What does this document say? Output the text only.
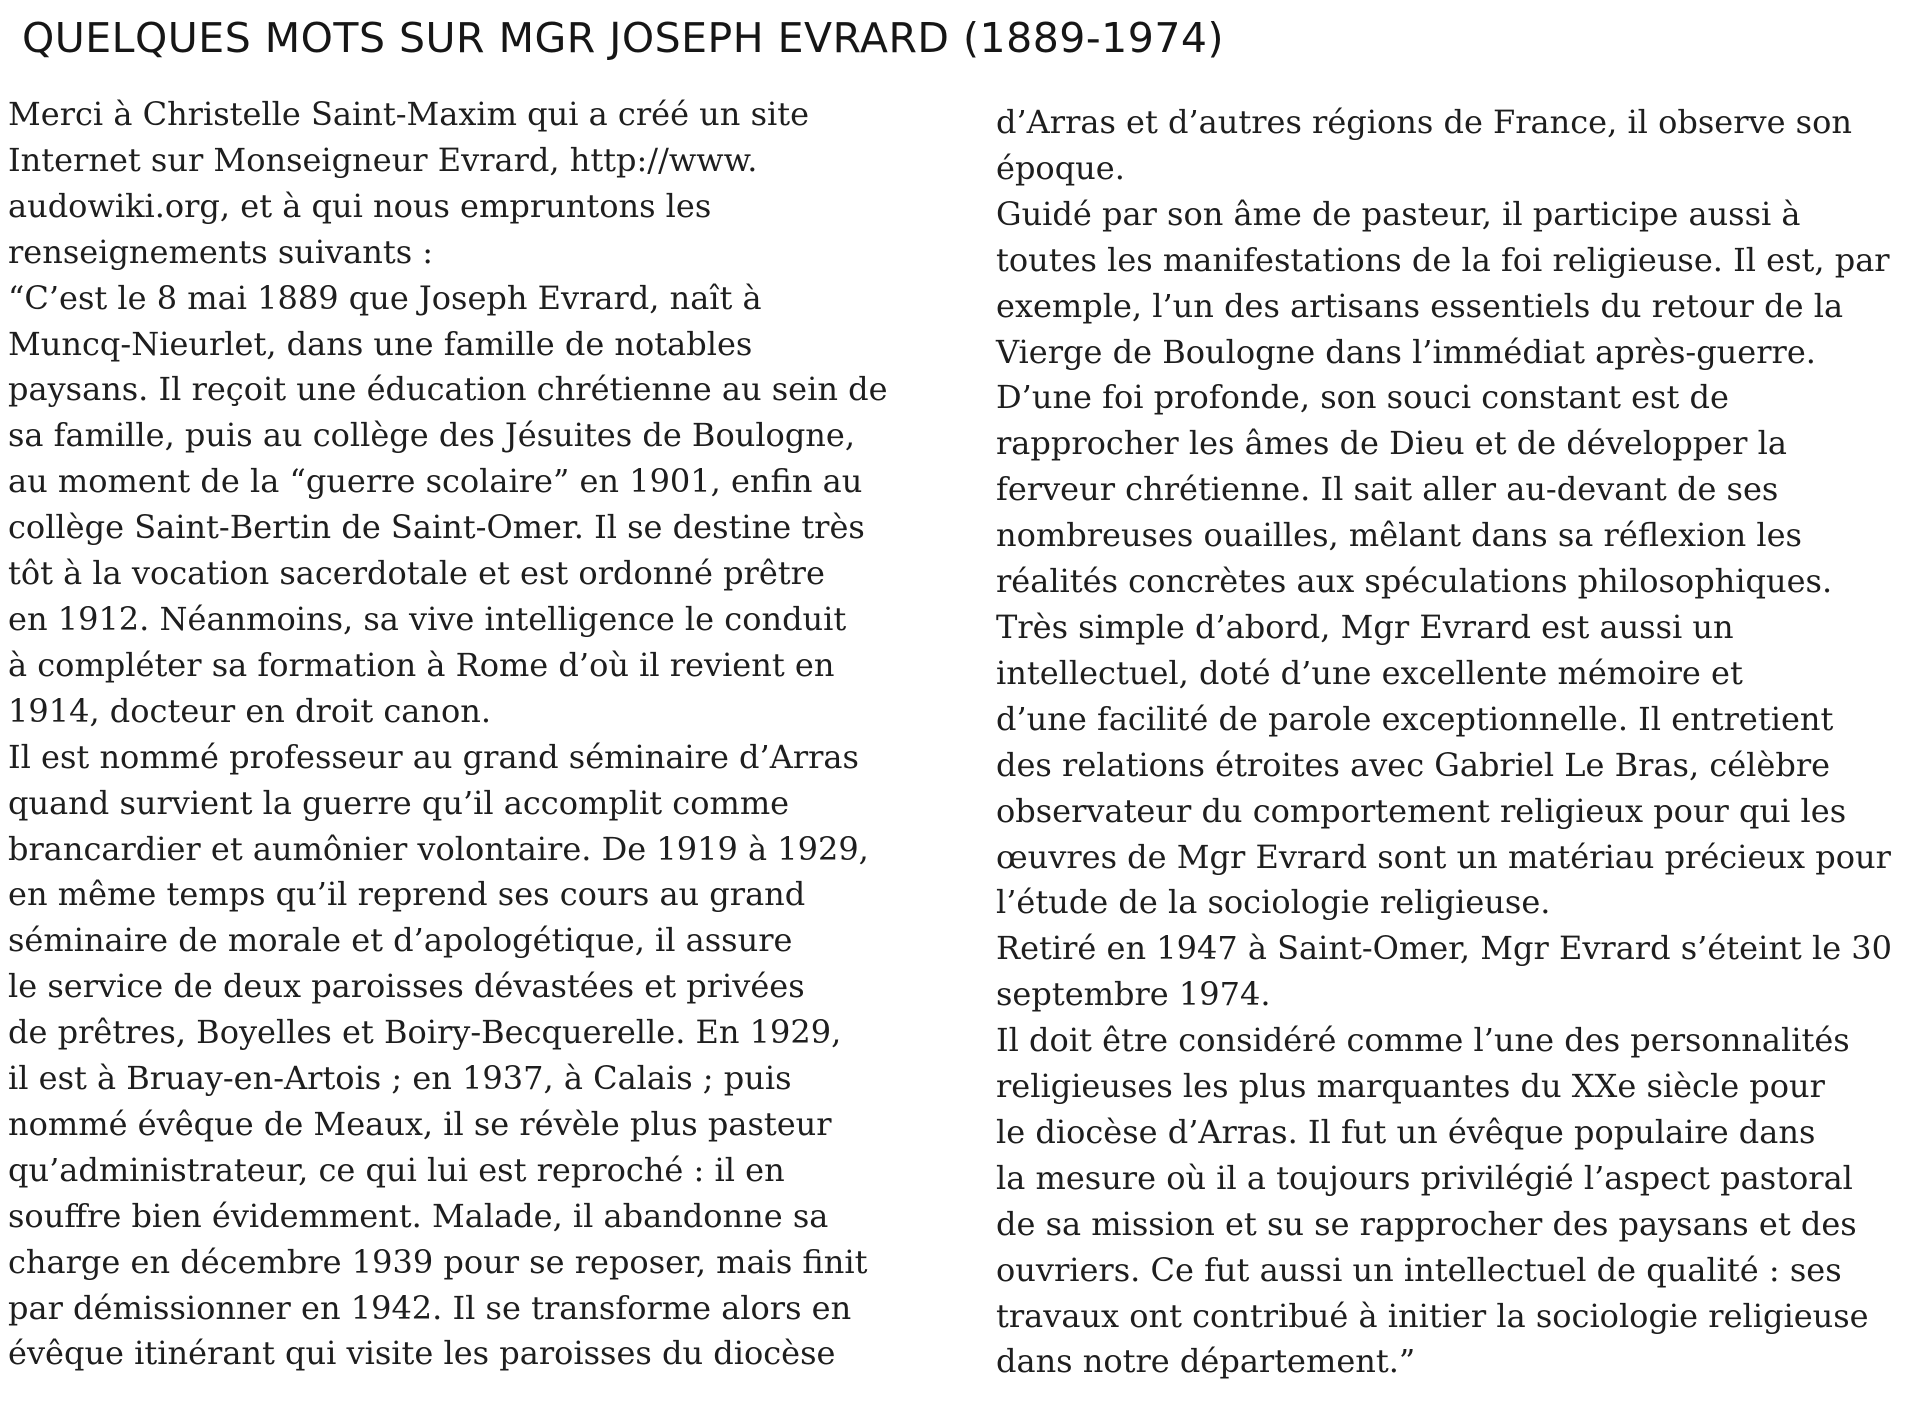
QUELQUES MOTS SUR MGR JOSEPH EVRARD (1889-1974)
Merci à Christelle Saint-Maxim qui a créé un site
Internet sur Monseigneur Evrard, http://www.
audowiki.org, et à qui nous empruntons les
renseignements suivants :
“C’est le 8 mai 1889 que Joseph Evrard, naît à
Muncq-Nieurlet, dans une famille de notables
paysans. Il reçoit une éducation chrétienne au sein de
sa famille, puis au collège des Jésuites de Boulogne,
au moment de la “guerre scolaire” en 1901, enfin au
collège Saint-Bertin de Saint-Omer. Il se destine très
tôt à la vocation sacerdotale et est ordonné prêtre
en 1912. Néanmoins, sa vive intelligence le conduit
à compléter sa formation à Rome d’où il revient en
1914, docteur en droit canon.
Il est nommé professeur au grand séminaire d’Arras
quand survient la guerre qu’il accomplit comme
brancardier et aumônier volontaire. De 1919 à 1929,
en même temps qu’il reprend ses cours au grand
séminaire de morale et d’apologétique, il assure
le service de deux paroisses dévastées et privées
de prêtres, Boyelles et Boiry-Becquerelle. En 1929,
il est à Bruay-en-Artois ; en 1937, à Calais ; puis
nommé évêque de Meaux, il se révèle plus pasteur
qu’administrateur, ce qui lui est reproché : il en
souffre bien évidemment. Malade, il abandonne sa
charge en décembre 1939 pour se reposer, mais finit
par démissionner en 1942. Il se transforme alors en
évêque itinérant qui visite les paroisses du diocèse
d’Arras et d’autres régions de France, il observe son
époque.
Guidé par son âme de pasteur, il participe aussi à
toutes les manifestations de la foi religieuse. Il est, par
exemple, l’un des artisans essentiels du retour de la
Vierge de Boulogne dans l’immédiat après-guerre.
D’une foi profonde, son souci constant est de
rapprocher les âmes de Dieu et de développer la
ferveur chrétienne. Il sait aller au-devant de ses
nombreuses ouailles, mêlant dans sa réflexion les
réalités concrètes aux spéculations philosophiques.
Très simple d’abord, Mgr Evrard est aussi un
intellectuel, doté d’une excellente mémoire et
d’une facilité de parole exceptionnelle. Il entretient
des relations étroites avec Gabriel Le Bras, célèbre
observateur du comportement religieux pour qui les
œuvres de Mgr Evrard sont un matériau précieux pour
l’étude de la sociologie religieuse.
Retiré en 1947 à Saint-Omer, Mgr Evrard s’éteint le 30
septembre 1974.
Il doit être considéré comme l’une des personnalités
religieuses les plus marquantes du XXe siècle pour
le diocèse d’Arras. Il fut un évêque populaire dans
la mesure où il a toujours privilégié l’aspect pastoral
de sa mission et su se rapprocher des paysans et des
ouvriers. Ce fut aussi un intellectuel de qualité : ses
travaux ont contribué à initier la sociologie religieuse
dans notre département.”
